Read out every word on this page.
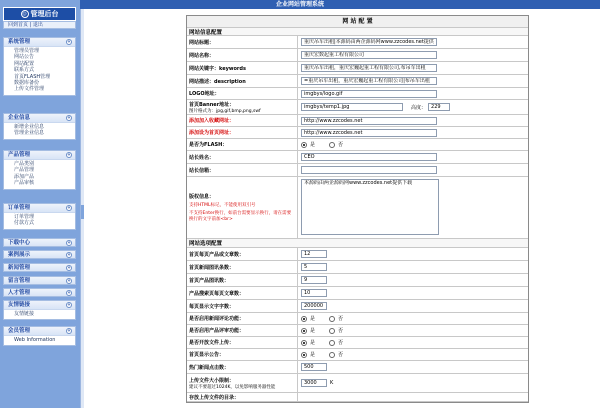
企业网站管理系统
◎ 管理后台
回到首页 | 退出
系统管理	«
管理员管理
网站公告
网站配置
联系方式
首页FLASH管理
数据库备份
上传文件管理
企业信息	«
新增企业信息
管理企业信息
产品管理	«
产品类别
产品管理
添加产品
产品审核
订单管理	«
订单管理
付款方式
下载中心	»
案例展示	»
新闻管理	»
留言管理	»
人才管理	»
友情链接	«
友情链接
会员管理	«
Web Information
网 站 配 置
网站信息配置
网站标题：	重庆吊车出租|本源码由两企源码网www.zzcodes.net提供
网站名称：	重庆宏数起重工程有限公司
网站关键字：keywords	重庆吊车出租，重庆宏巍起重工程有限公司,布吊车出租
网站描述：description	=重庆吊车出租，重庆宏巍起重工程有限公司|布吊车出租
LOGO地址：	imgbys/logo.gif
首页Banner地址：
图片格式为：jpg,gif,bmp,png,swf
imgbys/temp1.jpg	高度：	229
添加加入收藏网址：	http://www.zzcodes.net
添加设为首页网址：	http://www.zzcodes.net
是否为FLASH：	是	否
站长姓名：	CEO
站长信箱：
版权信息：
支持HTML标记，不能使用双引号
不支持Enter换行，如前台需要显示换行，请在需要换行的文字前加<br>
本源码由两企源码网www.zzcodes.net提供下载
网站选项配置
首页每页产品或文章数：	12
首页新闻图讯条数：	5
首页产品图讯数：	9
产品搜索页每页文章数：	10
每页显示文字字数：	200000
是否启用新闻评论功能：	是	否
是否启用产品评审功能：	是	否
是否开放文件上传：	是	否
首页显示公告：	是	否
热门新闻点击数：	500
上传文件大小限制：
建议不要超过1024K，以免影响服务器性能
3000	K
存放上传文件的目录：
